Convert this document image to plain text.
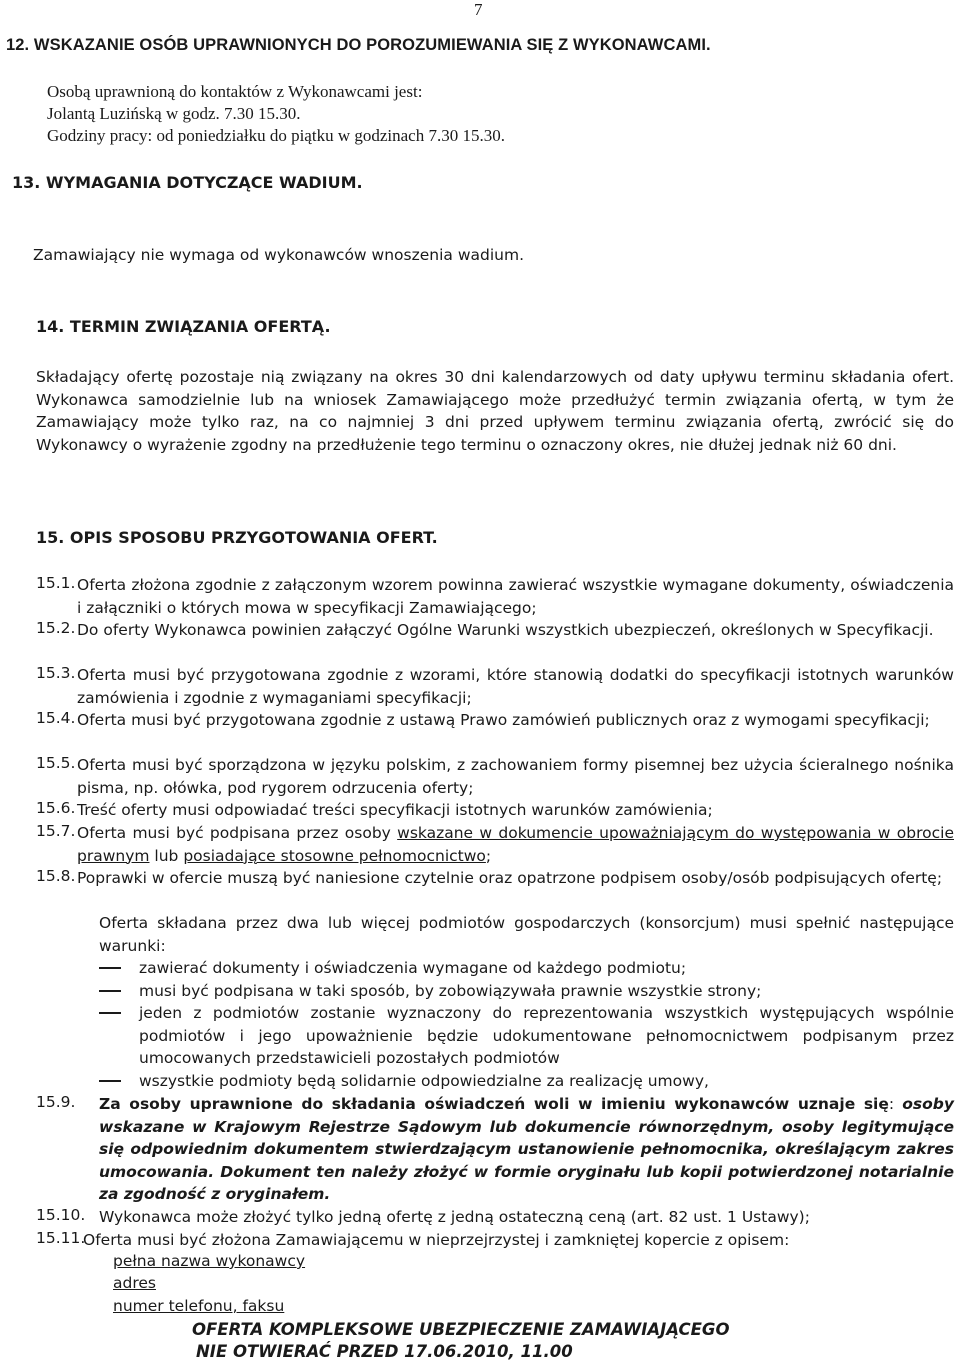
7
12. WSKAZANIE OSÓB UPRAWNIONYCH DO POROZUMIEWANIA SIĘ Z WYKONAWCAMI.
Osobą uprawnioną do kontaktów z Wykonawcami jest:
Jolantą Luzińską w godz. 7.30 15.30.
Godziny pracy: od poniedziałku do piątku w godzinach 7.30 15.30.
13. WYMAGANIA DOTYCZĄCE WADIUM.
Zamawiający nie wymaga od wykonawców wnoszenia wadium.
14. TERMIN ZWIĄZANIA OFERTĄ.
Składający ofertę pozostaje nią związany na okres 30 dni kalendarzowych od daty upływu terminu składania ofert. Wykonawca samodzielnie lub na wniosek Zamawiającego może przedłużyć termin związania ofertą, w tym że Zamawiający może tylko raz, na co najmniej 3 dni przed upływem terminu związania ofertą, zwrócić się do Wykonawcy o wyrażenie zgodny na przedłużenie tego terminu o oznaczony okres, nie dłużej jednak niż 60 dni.
15. OPIS SPOSOBU PRZYGOTOWANIA OFERT.
15.1. Oferta złożona zgodnie z załączonym wzorem powinna zawierać wszystkie wymagane dokumenty, oświadczenia i załączniki o których mowa w specyfikacji Zamawiającego;
15.2. Do oferty Wykonawca powinien załączyć Ogólne Warunki wszystkich ubezpieczeń, określonych w Specyfikacji.
15.3. Oferta musi być przygotowana zgodnie z wzorami, które stanowią dodatki do specyfikacji istotnych warunków zamówienia i zgodnie z wymaganiami specyfikacji;
15.4. Oferta musi być przygotowana zgodnie z ustawą Prawo zamówień publicznych oraz z wymogami specyfikacji;
15.5. Oferta musi być sporządzona w języku polskim, z zachowaniem formy pisemnej bez użycia ścieralnego nośnika pisma, np. ołówka, pod rygorem odrzucenia oferty;
15.6. Treść oferty musi odpowiadać treści specyfikacji istotnych warunków zamówienia;
15.7. Oferta musi być podpisana przez osoby wskazane w dokumencie upoważniającym do występowania w obrocie prawnym lub posiadające stosowne pełnomocnictwo;
15.8. Poprawki w ofercie muszą być naniesione czytelnie oraz opatrzone podpisem osoby/osób podpisujących ofertę;
Oferta składana przez dwa lub więcej podmiotów gospodarczych (konsorcjum) musi spełnić następujące warunki:
zawierać dokumenty i oświadczenia wymagane od każdego podmiotu;
musi być podpisana w taki sposób, by zobowiązywała prawnie wszystkie strony;
jeden z podmiotów zostanie wyznaczony do reprezentowania wszystkich występujących wspólnie podmiotów i jego upoważnienie będzie udokumentowane pełnomocnictwem podpisanym przez umocowanych przedstawicieli pozostałych podmiotów
wszystkie podmioty będą solidarnie odpowiedzialne za realizację umowy,
15.9. Za osoby uprawnione do składania oświadczeń woli w imieniu wykonawców uznaje się: osoby wskazane w Krajowym Rejestrze Sądowym lub dokumencie równorzędnym, osoby legitymujące się odpowiednim dokumentem stwierdzającym ustanowienie pełnomocnika, określającym zakres umocowania. Dokument ten należy złożyć w formie oryginału lub kopii potwierdzonej notarialnie za zgodność z oryginałem.
15.10. Wykonawca może złożyć tylko jedną ofertę z jedną ostateczną ceną (art. 82 ust. 1 Ustawy);
15.11.
Oferta musi być złożona Zamawiającemu w nieprzejrzystej i zamkniętej kopercie z opisem:
pełna nazwa wykonawcy
adres
numer telefonu, faksu
OFERTA KOMPLEKSOWE UBEZPIECZENIE ZAMAWIAJĄCEGO
NIE OTWIERAĆ PRZED 17.06.2010, 11.00
